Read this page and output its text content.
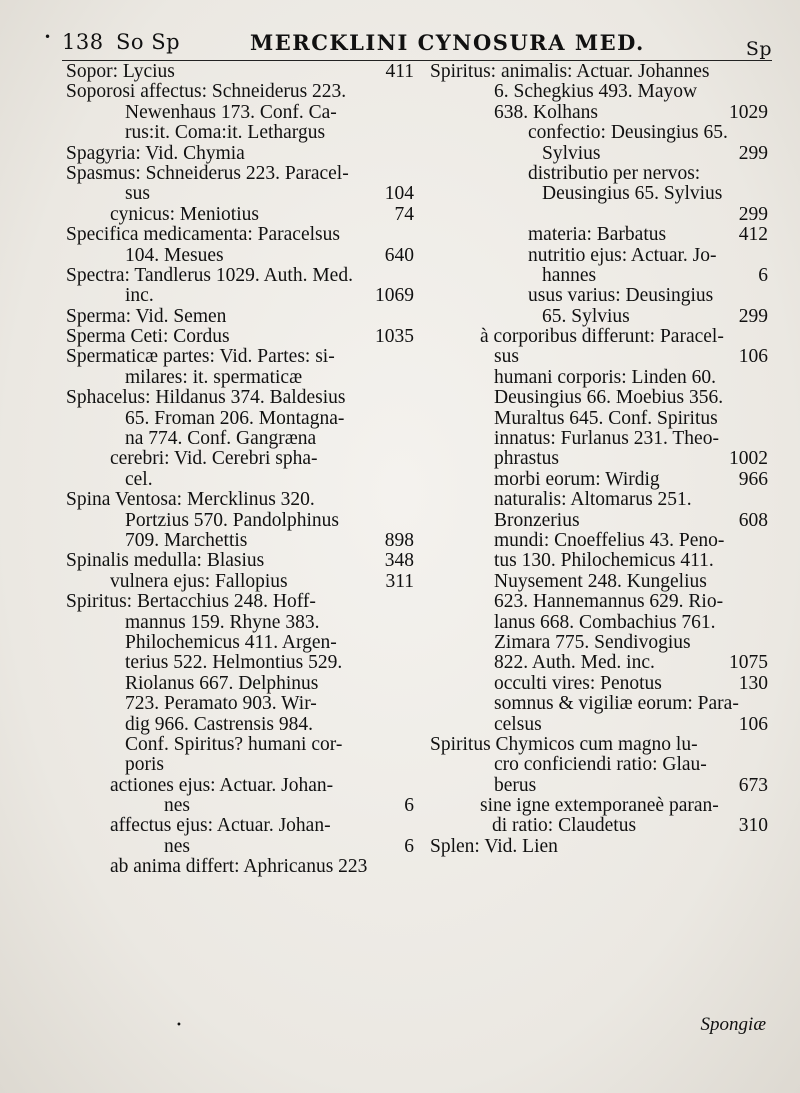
• 138 So Sp	MERCKLINI CYNOSURA MED.	Sp
Sopor: Lycius	411
Soporosi affectus: Schneiderus 223.
Newenhaus 173. Conf. Ca-
rus:it. Coma:it. Lethargus
Spagyria: Vid. Chymia
Spasmus: Schneiderus 223. Paracel-
sus	104
cynicus: Meniotius	74
Specifica medicamenta: Paracelsus
104. Mesues	640
Spectra: Tandlerus 1029. Auth. Med.
inc.	1069
Sperma: Vid. Semen
Sperma Ceti: Cordus	1035
Spermaticæ partes: Vid. Partes: si-
milares: it. spermaticæ
Sphacelus: Hildanus 374. Baldesius
65. Froman 206. Montagna-
na 774. Conf. Gangræna
cerebri: Vid. Cerebri spha-
cel.
Spina Ventosa: Mercklinus 320.
Portzius 570. Pandolphinus
709. Marchettis	898
Spinalis medulla: Blasius	348
vulnera ejus: Fallopius	311
Spiritus: Bertacchius 248. Hoff-
mannus 159. Rhyne 383.
Philochemicus 411. Argen-
terius 522. Helmontius 529.
Riolanus 667. Delphinus
723. Peramato 903. Wir-
dig 966. Castrensis 984.
Conf. Spiritus? humani cor-
poris
actiones ejus: Actuar. Johan-
nes	6
affectus ejus: Actuar. Johan-
nes	6
ab anima differt: Aphricanus 223
Spiritus: animalis: Actuar. Johannes
6. Schegkius 493. Mayow
638. Kolhans	1029
confectio: Deusingius 65.
Sylvius	299
distributio per nervos:
Deusingius 65. Sylvius
299
materia: Barbatus	412
nutritio ejus: Actuar. Jo-
hannes	6
usus varius: Deusingius
65. Sylvius	299
à corporibus differunt: Paracel-
sus	106
humani corporis: Linden 60.
Deusingius 66. Moebius 356.
Muraltus 645. Conf. Spiritus
innatus: Furlanus 231. Theo-
phrastus	1002
morbi eorum: Wirdig	966
naturalis: Altomarus 251.
Bronzerius	608
mundi: Cnoeffelius 43. Peno-
tus 130. Philochemicus 411.
Nuysement 248. Kungelius
623. Hannemannus 629. Rio-
lanus 668. Combachius 761.
Zimara 775. Sendivogius
822. Auth. Med. inc.	1075
occulti vires: Penotus	130
somnus & vigiliæ eorum: Para-
celsus	106
Spiritus Chymicos cum magno lu-
cro conficiendi ratio: Glau-
berus	673
sine igne extemporaneè paran-
di ratio: Claudetus	310
Splen: Vid. Lien
Spongiæ
•
